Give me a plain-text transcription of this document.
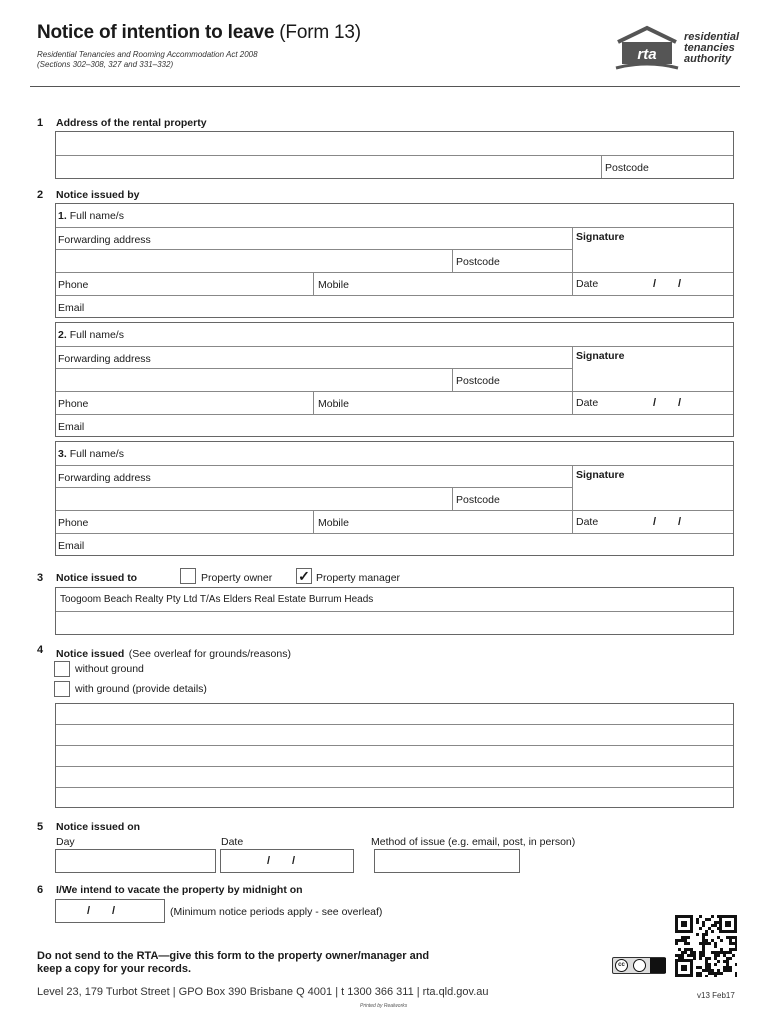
Notice of intention to leave (Form 13)
Residential Tenancies and Rooming Accommodation Act 2008
(Sections 302–308, 327 and 331–332)
rta
residential
tenancies
authority
1 Address of the rental property
Postcode
2 Notice issued by
1. Full name/s
Forwarding address
Postcode
Signature
Phone	Mobile	Date	/ /
Email
2. Full name/s
Forwarding address
Postcode
Signature
Phone	Mobile	Date	/ /
Email
3. Full name/s
Forwarding address
Postcode
Signature
Phone	Mobile	Date	/ /
Email
3 Notice issued to	Property owner ✓ Property manager
Toogoom Beach Realty Pty Ltd T/As Elders Real Estate Burrum Heads
4 Notice issued (See overleaf for grounds/reasons)
without ground
with ground (provide details)
5 Notice issued on
Day	Date	Method of issue (e.g. email, post, in person)
/ /
6 I/We intend to vacate the property by midnight on
/ /	(Minimum notice periods apply - see overleaf)
Do not send to the RTA—give this form to the property owner/manager and
keep a copy for your records.	cc
Level 23, 179 Turbot Street | GPO Box 390 Brisbane Q 4001 | t 1300 366 311 | rta.qld.gov.au
Printed by Realworks
v13 Feb17
